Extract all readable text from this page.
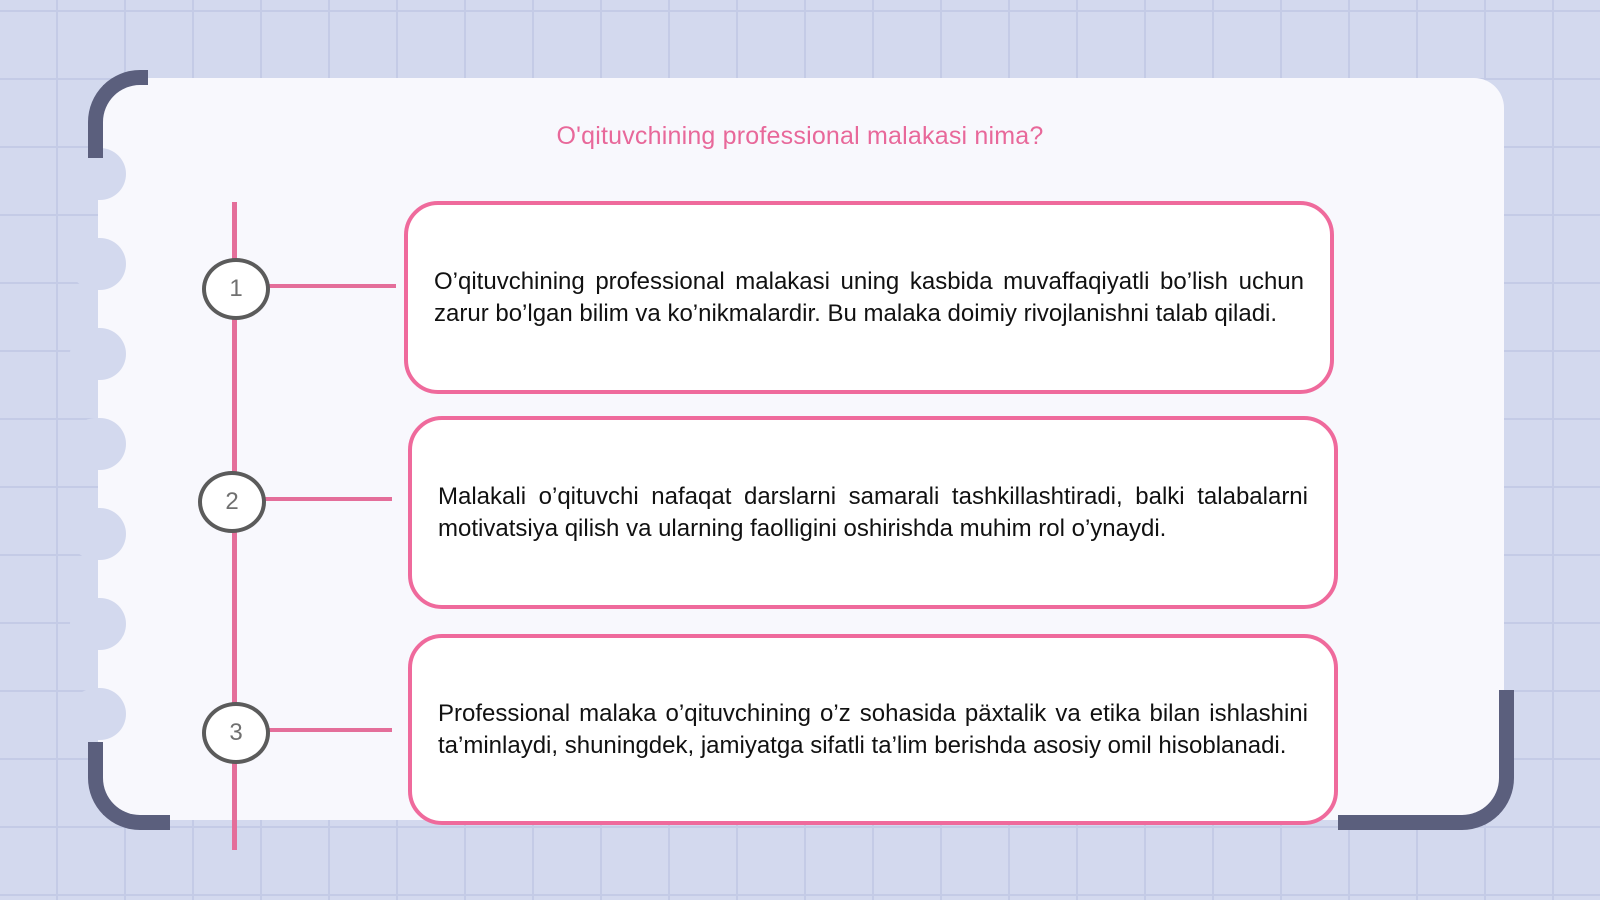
O'qituvchining professional malakasi nima?
1	O’qituvchining professional malakasi uning kasbida muvaffaqiyatli bo’lish uchun zarur bo’lgan bilim va ko’nikmalardir. Bu malaka doimiy rivojlanishni talab qiladi.
2	Malakali o’qituvchi nafaqat darslarni samarali tashkillashtiradi, balki talabalarni motivatsiya qilish va ularning faolligini oshirishda muhim rol o’ynaydi.
3
Professional malaka o’qituvchining o’z sohasida päxtalik va etika bilan ishlashini ta’minlaydi, shuningdek, jamiyatga sifatli ta’lim berishda asosiy omil hisoblanadi.
